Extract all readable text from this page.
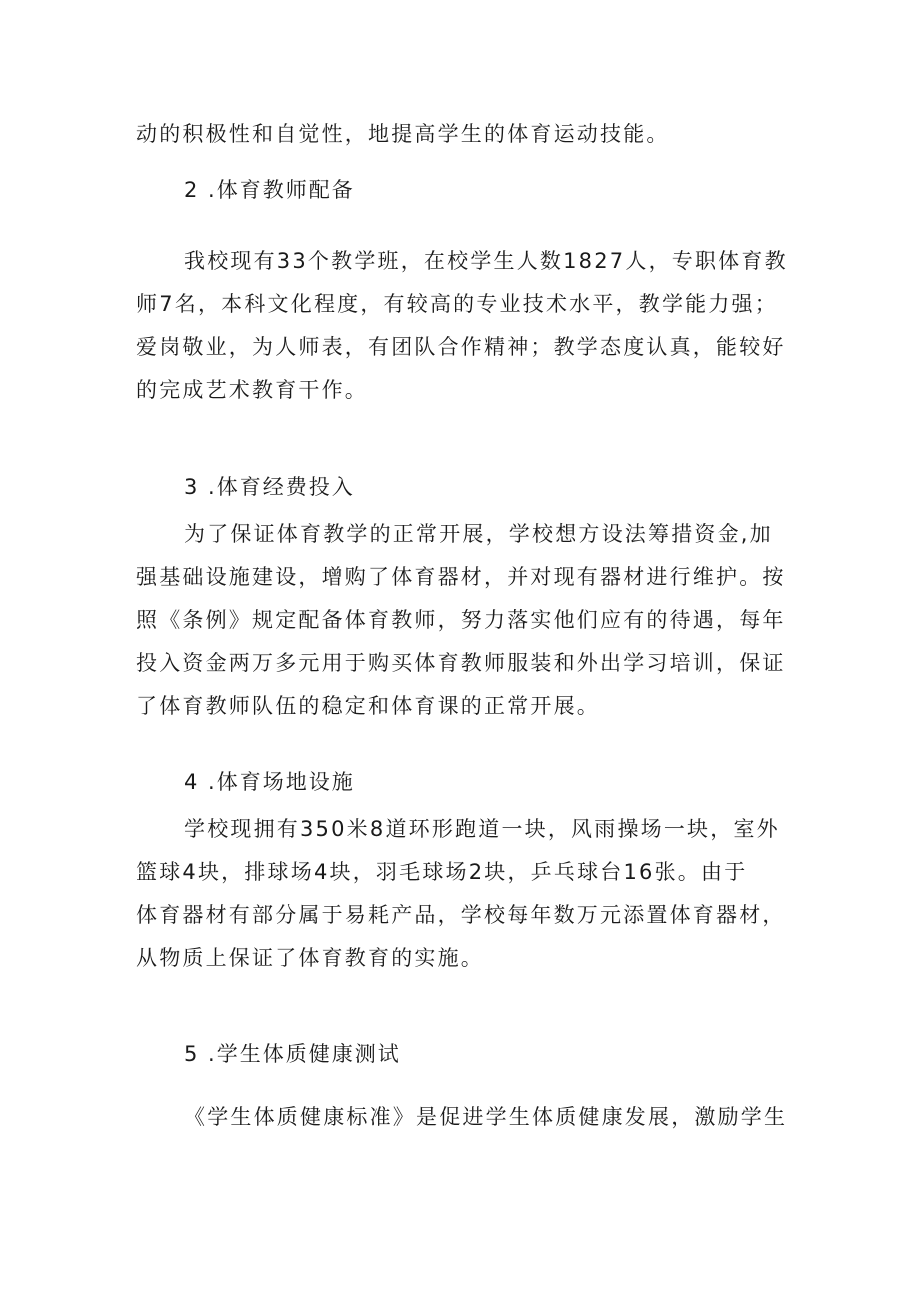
动的积极性和自觉性，地提高学生的体育运动技能。

2 .体育教师配备

我校现有33个教学班，在校学生人数1827人，专职体育教
师7名，本科文化程度，有较高的专业技术水平，教学能力强；
爱岗敬业，为人师表，有团队合作精神；教学态度认真，能较好
的完成艺术教育干作。

3 .体育经费投入

为了保证体育教学的正常开展，学校想方设法筹措资金,加
强基础设施建设，增购了体育器材，并对现有器材进行维护。按
照《条例》规定配备体育教师，努力落实他们应有的待遇，每年
投入资金两万多元用于购买体育教师服装和外出学习培训，保证
了体育教师队伍的稳定和体育课的正常开展。

4 .体育场地设施

学校现拥有350米8道环形跑道一块，风雨操场一块，室外
篮球4块，排球场4块，羽毛球场2块，乒乓球台16张。由于
体育器材有部分属于易耗产品，学校每年数万元添置体育器材，
从物质上保证了体育教育的实施。

5 .学生体质健康测试

《学生体质健康标准》是促进学生体质健康发展，激励学生
